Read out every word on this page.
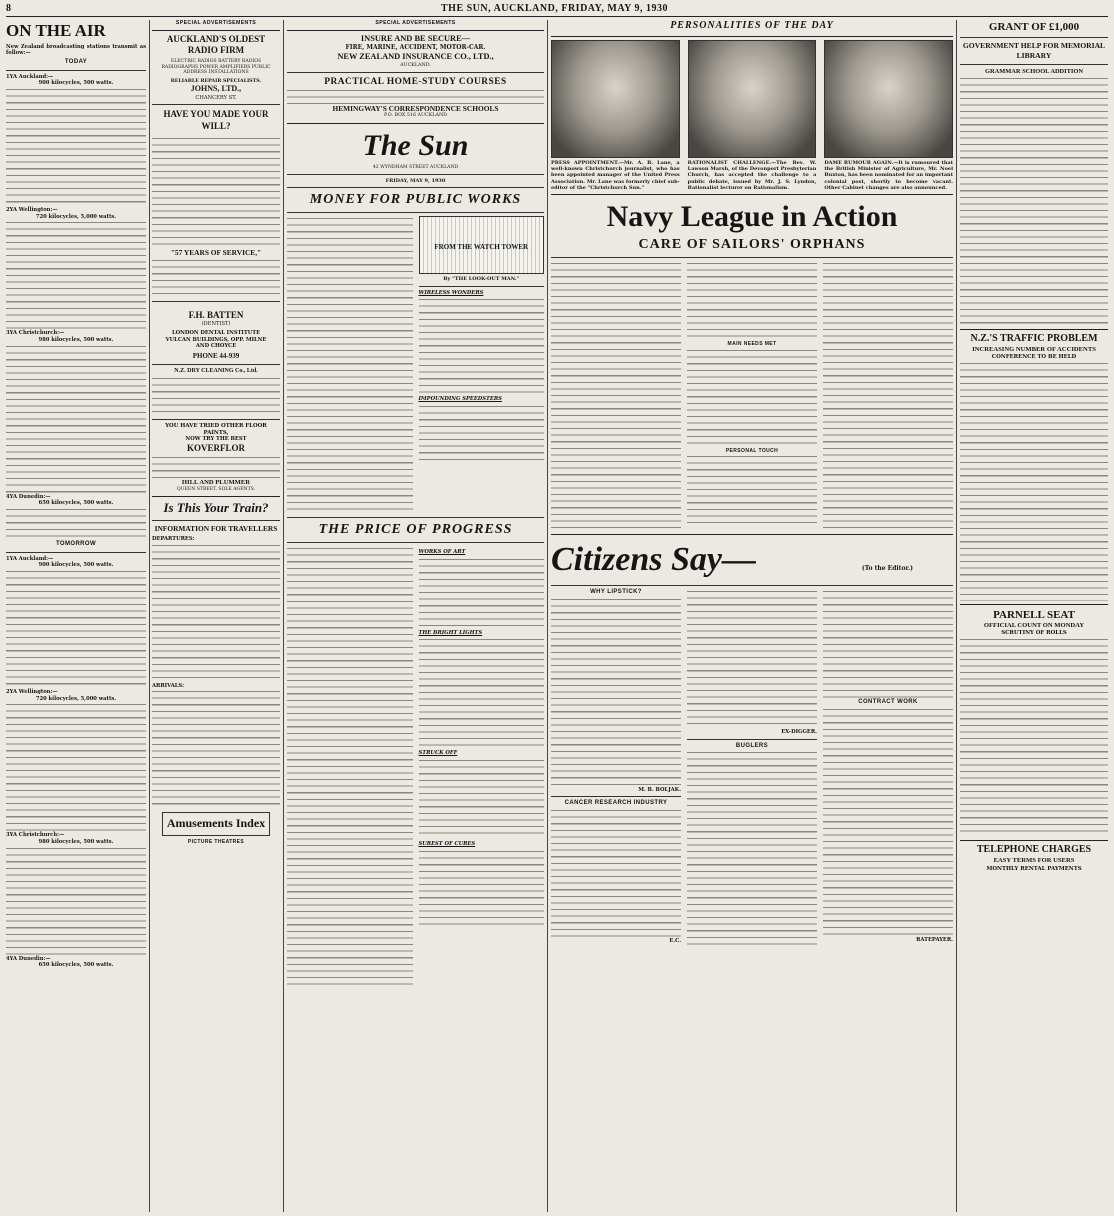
8	THE SUN, AUCKLAND, FRIDAY, MAY 9, 1930
ON THE AIR
New Zealand broadcasting stations transmit as follow:—
TODAY
1YA Auckland:—
900 kilocycles, 500 watts.
2YA Wellington:—
720 kilocycles, 5,000 watts.
3YA Christchurch:—
980 kilocycles, 500 watts.
4YA Dunedin:—
650 kilocycles, 500 watts.
TOMORROW
1YA Auckland:—
900 kilocycles, 500 watts.
2YA Wellington:—
720 kilocycles, 5,000 watts.
3YA Christchurch:—
980 kilocycles, 500 watts.
4YA Dunedin:—
650 kilocycles, 500 watts.
SPECIAL ADVERTISEMENTS
AUCKLAND'S OLDEST RADIO FIRM
ELECTRIC RADIOS BATTERY RADIOS RADIOGRAPHS POWER AMPLIFIERS PUBLIC ADDRESS INSTALLATIONS
RELIABLE REPAIR SPECIALISTS.
JOHNS, LTD.,
CHANCERY ST.
HAVE YOU MADE YOUR WILL?
"57 YEARS OF SERVICE,"
F.H. BATTEN
(DENTIST)
LONDON DENTAL INSTITUTE VULCAN BUILDINGS, OPP. MILNE AND CHOYCE
PHONE 44-939
N.Z. DRY CLEANING Co., Ltd.
YOU HAVE TRIED OTHER FLOOR PAINTS,
NOW TRY THE BEST
KOVERFLOR
HILL AND PLUMMER
QUEEN STREET, SOLE AGENTS.
Is This Your Train?
INFORMATION FOR TRAVELLERS
DEPARTURES:
ARRIVALS:
Amusements Index
PICTURE THEATRES
SPECIAL ADVERTISEMENTS
INSURE AND BE SECURE—
FIRE, MARINE, ACCIDENT, MOTOR-CAR.
NEW ZEALAND INSURANCE CO., LTD.,
AUCKLAND.
PRACTICAL HOME-STUDY COURSES
HEMINGWAY'S CORRESPONDENCE SCHOOLS
P.O. BOX 516 AUCKLAND
The Sun
42 WYNDHAM STREET AUCKLAND
FRIDAY, MAY 9, 1930
MONEY FOR PUBLIC WORKS
FROM THE WATCH TOWER
By "THE LOOK-OUT MAN."
WIRELESS WONDERS
IMPOUNDING SPEEDSTERS
THE PRICE OF PROGRESS
WORKS OF ART
THE BRIGHT LIGHTS
STRUCK OFF
SUREST OF CURES
PERSONALITIES OF THE DAY
PRESS APPOINTMENT.—Mr. A. B. Lane, a well-known Christchurch journalist, who has been appointed manager of the United Press Association. Mr. Lane was formerly chief sub-editor of the "Christchurch Sun."
RATIONALIST CHALLENGE.—The Rev. W. Lawson Marsh, of the Devonport Presbyterian Church, has accepted the challenge to a public debate, issued by Mr. J. S. Lyndon, Rationalist lecturer on Rationalism.
DAME RUMOUR AGAIN.—It is rumoured that the British Minister of Agriculture, Mr. Noel Buxton, has been nominated for an important colonial post, shortly to become vacant. Other Cabinet changes are also announced.
Navy League in Action
CARE OF SAILORS' ORPHANS
MAIN NEEDS MET
PERSONAL TOUCH
Citizens Say—	(To the Editor.)
WHY LIPSTICK?
M. B. BOLJAK.
CANCER RESEARCH INDUSTRY
E.C.
EX-DIGGER.
BUGLERS
CONTRACT WORK
RATEPAYER.
GRANT OF £1,000
GOVERNMENT HELP FOR MEMORIAL LIBRARY
GRAMMAR SCHOOL ADDITION
N.Z.'S TRAFFIC PROBLEM
INCREASING NUMBER OF ACCIDENTS
CONFERENCE TO BE HELD
PARNELL SEAT
OFFICIAL COUNT ON MONDAY
SCRUTINY OF ROLLS
TELEPHONE CHARGES
EASY TERMS FOR USERS
MONTHLY RENTAL PAYMENTS
